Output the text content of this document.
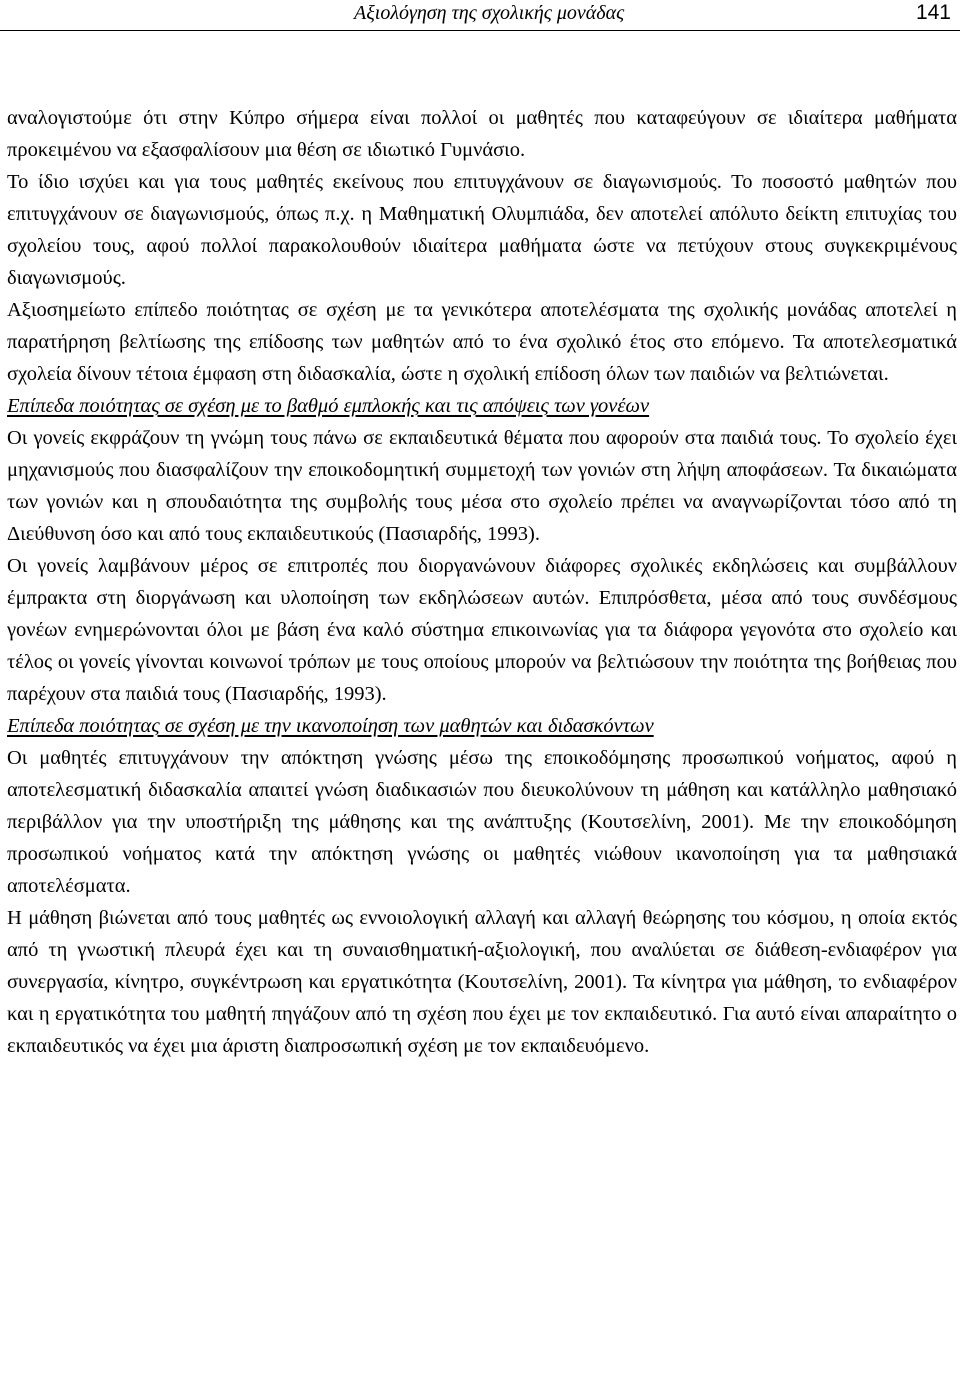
Αξιολόγηση της σχολικής μονάδας	141

αναλογιστούμε ότι στην Κύπρο σήμερα είναι πολλοί οι μαθητές που καταφεύγουν σε ιδιαίτερα μαθήματα προκειμένου να εξασφαλίσουν μια θέση σε ιδιωτικό Γυμνάσιο.

Το ίδιο ισχύει και για τους μαθητές εκείνους που επιτυγχάνουν σε διαγωνισμούς. Το ποσοστό μαθητών που επιτυγχάνουν σε διαγωνισμούς, όπως π.χ. η Μαθηματική Ολυμπιάδα, δεν αποτελεί απόλυτο δείκτη επιτυχίας του σχολείου τους, αφού πολλοί παρακολουθούν ιδιαίτερα μαθήματα ώστε να πετύχουν στους συγκεκριμένους διαγωνισμούς.

Αξιοσημείωτο επίπεδο ποιότητας σε σχέση με τα γενικότερα αποτελέσματα της σχολικής μονάδας αποτελεί η παρατήρηση βελτίωσης της επίδοσης των μαθητών από το ένα σχολικό έτος στο επόμενο. Τα αποτελεσματικά σχολεία δίνουν τέτοια έμφαση στη διδασκαλία, ώστε η σχολική επίδοση όλων των παιδιών να βελτιώνεται.

Επίπεδα ποιότητας σε σχέση με το βαθμό εμπλοκής και τις απόψεις των γονέων

Οι γονείς εκφράζουν τη γνώμη τους πάνω σε εκπαιδευτικά θέματα που αφορούν στα παιδιά τους. Το σχολείο έχει μηχανισμούς που διασφαλίζουν την εποικοδομητική συμμετοχή των γονιών στη λήψη αποφάσεων. Τα δικαιώματα των γονιών και η σπουδαιότητα της συμβολής τους μέσα στο σχολείο πρέπει να αναγνωρίζονται τόσο από τη Διεύθυνση όσο και από τους εκπαιδευτικούς (Πασιαρδής, 1993).

Οι γονείς λαμβάνουν μέρος σε επιτροπές που διοργανώνουν διάφορες σχολικές εκδηλώσεις και συμβάλλουν έμπρακτα στη διοργάνωση και υλοποίηση των εκδηλώσεων αυτών. Επιπρόσθετα, μέσα από τους συνδέσμους γονέων ενημερώνονται όλοι με βάση ένα καλό σύστημα επικοινωνίας για τα διάφορα γεγονότα στο σχολείο και τέλος οι γονείς γίνονται κοινωνοί τρόπων με τους οποίους μπορούν να βελτιώσουν την ποιότητα της βοήθειας που παρέχουν στα παιδιά τους (Πασιαρδής, 1993).

Επίπεδα ποιότητας σε σχέση με την ικανοποίηση των μαθητών και διδασκόντων

Οι μαθητές επιτυγχάνουν την απόκτηση γνώσης μέσω της εποικοδόμησης προσωπικού νοήματος, αφού η αποτελεσματική διδασκαλία απαιτεί γνώση διαδικασιών που διευκολύνουν τη μάθηση και κατάλληλο μαθησιακό περιβάλλον για την υποστήριξη της μάθησης και της ανάπτυξης (Κουτσελίνη, 2001). Με την εποικοδόμηση προσωπικού νοήματος κατά την απόκτηση γνώσης οι μαθητές νιώθουν ικανοποίηση για τα μαθησιακά αποτελέσματα.

Η μάθηση βιώνεται από τους μαθητές ως εννοιολογική αλλαγή και αλλαγή θεώρησης του κόσμου, η οποία εκτός από τη γνωστική πλευρά έχει και τη συναισθηματική-αξιολογική, που αναλύεται σε διάθεση-ενδιαφέρον για συνεργασία, κίνητρο, συγκέντρωση και εργατικότητα (Κουτσελίνη, 2001). Τα κίνητρα για μάθηση, το ενδιαφέρον και η εργατικότητα του μαθητή πηγάζουν από τη σχέση που έχει με τον εκπαιδευτικό. Για αυτό είναι απαραίτητο ο εκπαιδευτικός να έχει μια άριστη διαπροσωπική σχέση με τον εκπαιδευόμενο.
